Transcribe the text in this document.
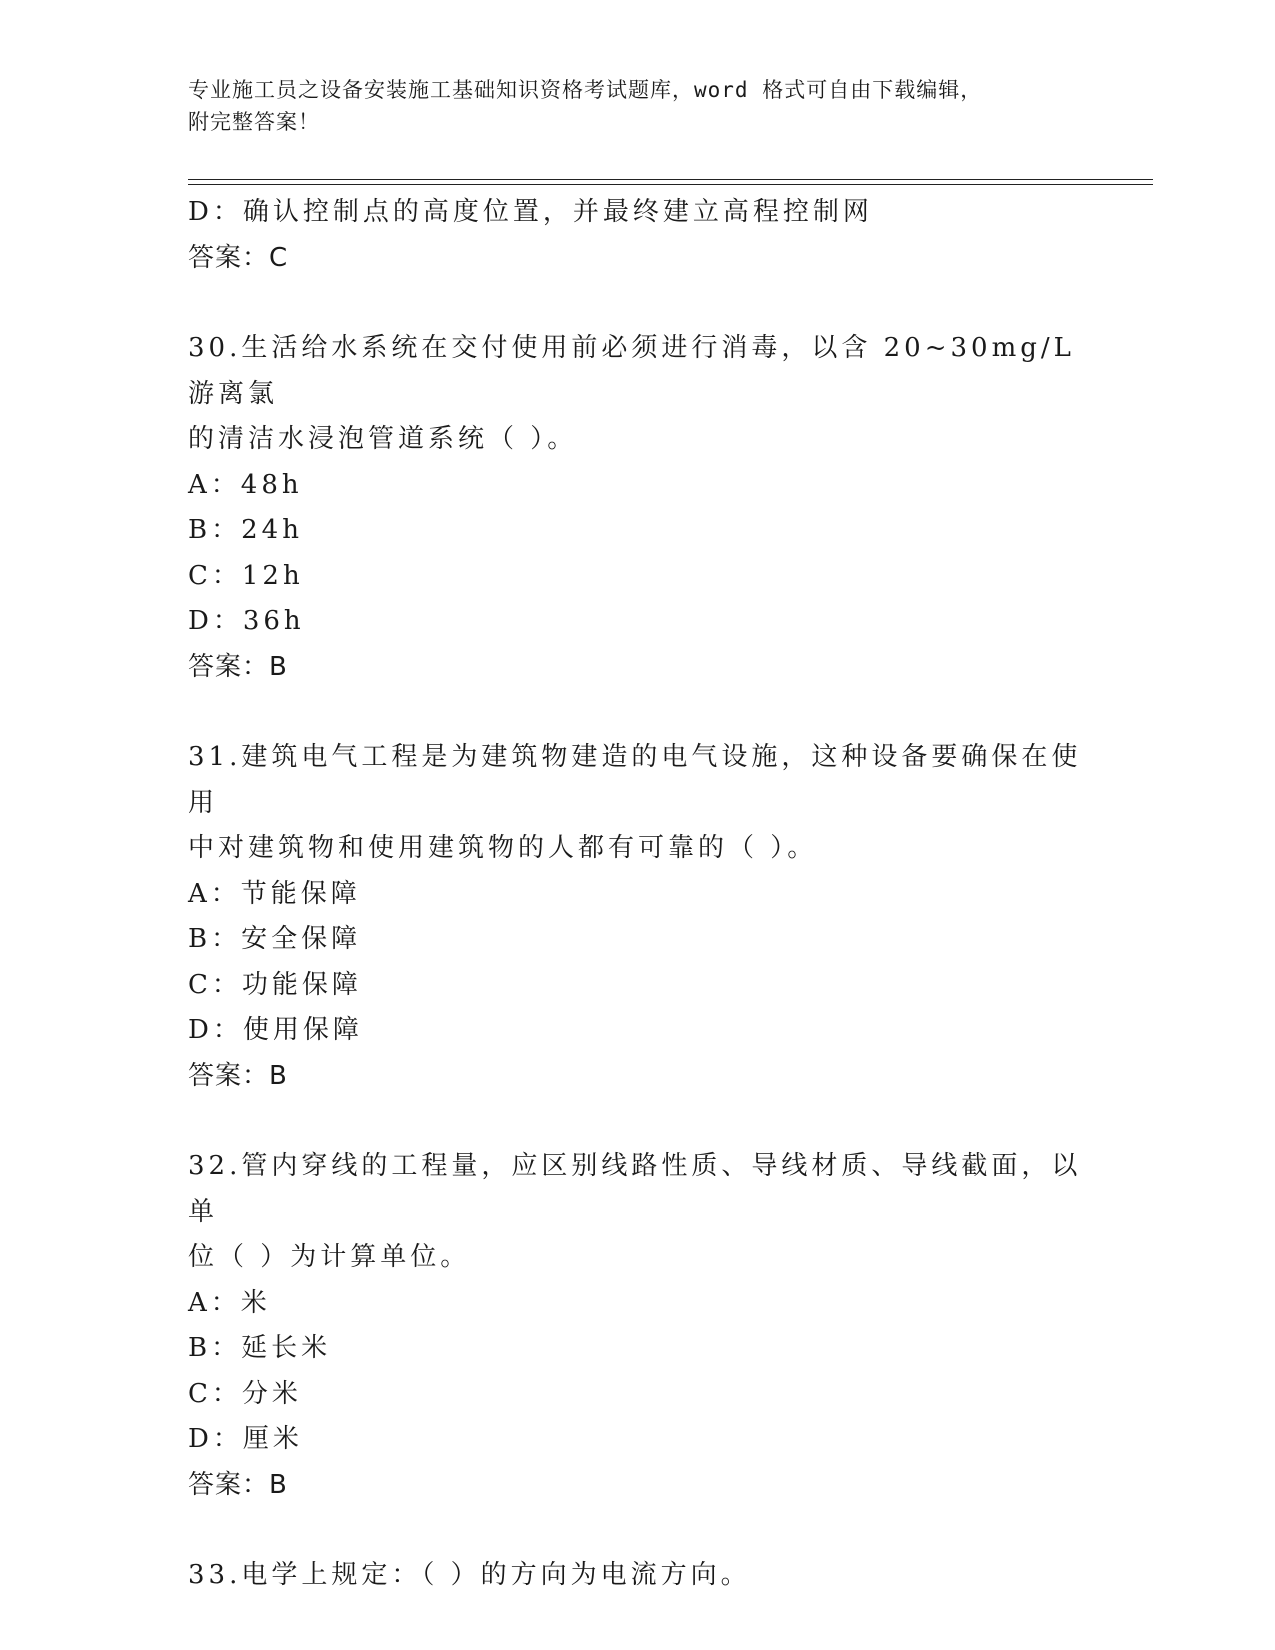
专业施工员之设备安装施工基础知识资格考试题库，word 格式可自由下载编辑，
附完整答案！
D：确认控制点的高度位置，并最终建立高程控制网
答案：C
30.生活给水系统在交付使用前必须进行消毒，以含 20~30mg/L 游离氯
的清洁水浸泡管道系统（ ）。
A：48h
B：24h
C：12h
D：36h
答案：B
31.建筑电气工程是为建筑物建造的电气设施，这种设备要确保在使用
中对建筑物和使用建筑物的人都有可靠的（ ）。
A：节能保障
B：安全保障
C：功能保障
D：使用保障
答案：B
32.管内穿线的工程量，应区别线路性质、导线材质、导线截面，以单
位（ ）为计算单位。
A：米
B：延长米
C：分米
D：厘米
答案：B
33.电学上规定：（ ）的方向为电流方向。
